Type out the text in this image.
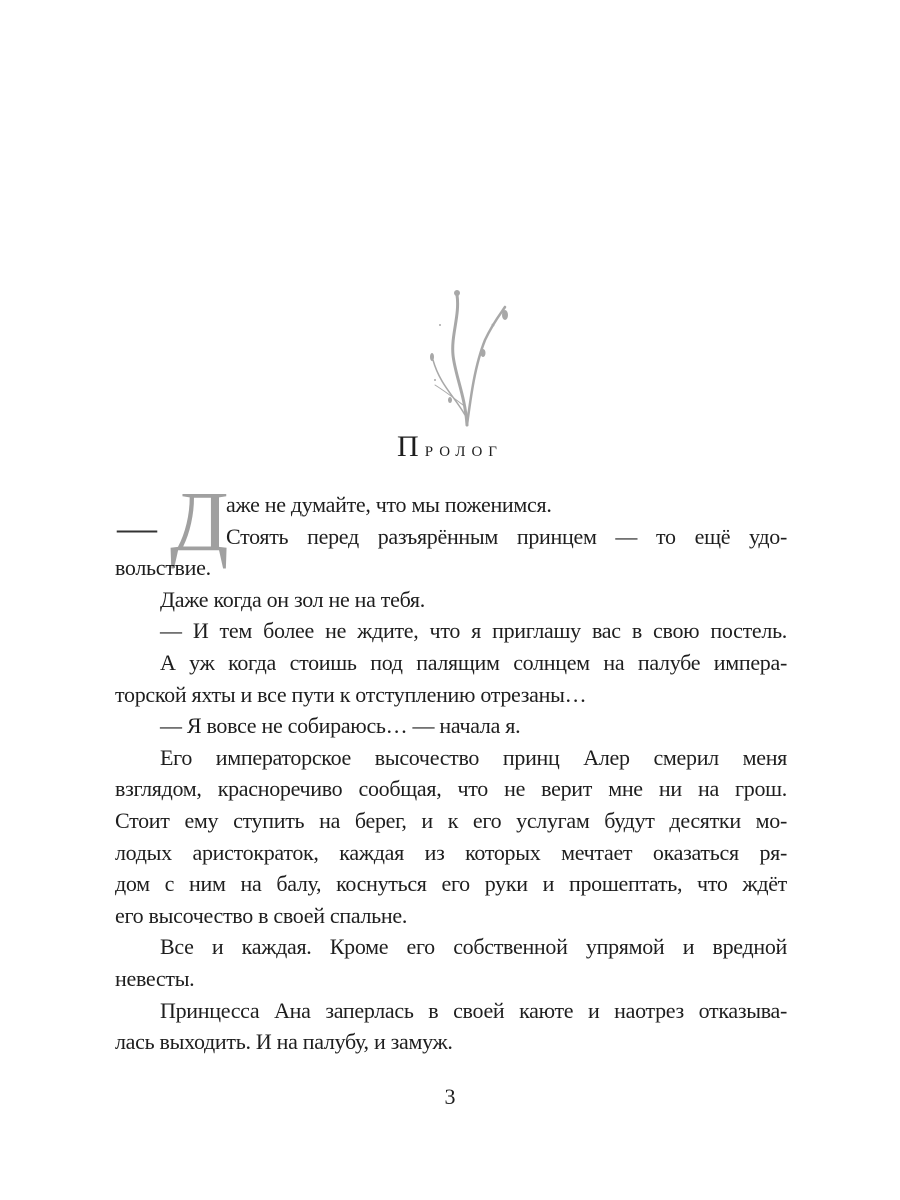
Пролог
— Д
аже не думайте, что мы поженимся.
Стоять перед разъярённым принцем — то ещё удо-
вольствие.
Даже когда он зол не на тебя.
— И тем более не ждите, что я приглашу вас в свою постель.
А уж когда стоишь под палящим солнцем на палубе импера-
торской яхты и все пути к отступлению отрезаны…
— Я вовсе не собираюсь… — начала я.
Его императорское высочество принц Алер смерил меня
взглядом, красноречиво сообщая, что не верит мне ни на грош.
Стоит ему ступить на берег, и к его услугам будут десятки мо-
лодых аристократок, каждая из которых мечтает оказаться ря-
дом с ним на балу, коснуться его руки и прошептать, что ждёт
его высочество в своей спальне.
Все и каждая. Кроме его собственной упрямой и вредной
невесты.
Принцесса Ана заперлась в своей каюте и наотрез отказыва-
лась выходить. И на палубу, и замуж.
3
